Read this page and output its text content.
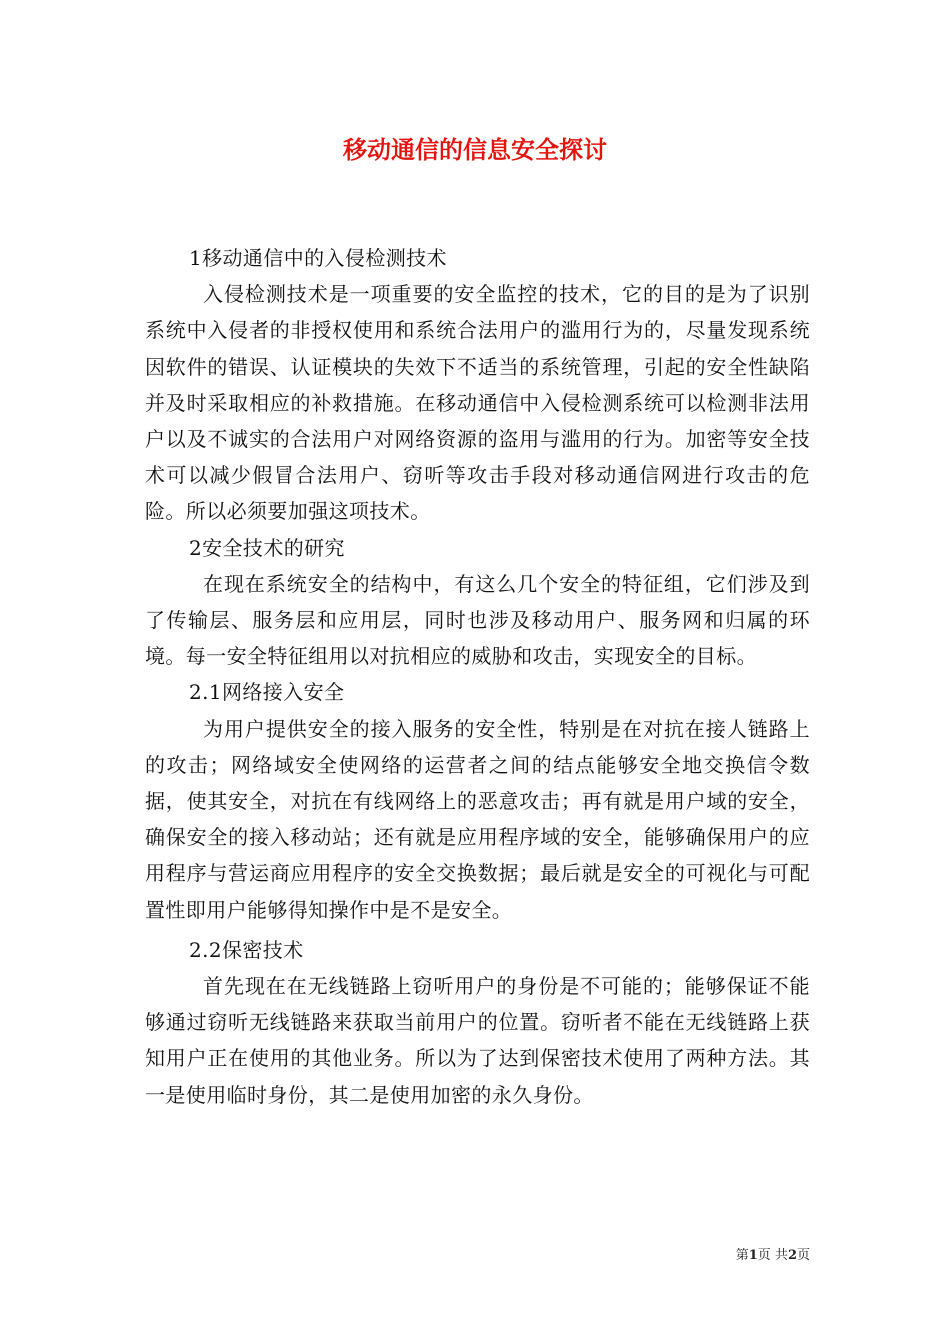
移动通信的信息安全探讨

1移动通信中的入侵检测技术

入侵检测技术是一项重要的安全监控的技术，它的目的是为了识别系统中入侵者的非授权使用和系统合法用户的滥用行为的，尽量发现系统因软件的错误、认证模块的失效下不适当的系统管理，引起的安全性缺陷并及时采取相应的补救措施。在移动通信中入侵检测系统可以检测非法用户以及不诚实的合法用户对网络资源的盗用与滥用的行为。加密等安全技术可以减少假冒合法用户、窃听等攻击手段对移动通信网进行攻击的危险。所以必须要加强这项技术。

2安全技术的研究

在现在系统安全的结构中，有这么几个安全的特征组，它们涉及到了传输层、服务层和应用层，同时也涉及移动用户、服务网和归属的环境。每一安全特征组用以对抗相应的威胁和攻击，实现安全的目标。

2.1网络接入安全

为用户提供安全的接入服务的安全性，特别是在对抗在接人链路上的攻击；网络域安全使网络的运营者之间的结点能够安全地交换信令数据，使其安全，对抗在有线网络上的恶意攻击；再有就是用户域的安全，确保安全的接入移动站；还有就是应用程序域的安全，能够确保用户的应用程序与营运商应用程序的安全交换数据；最后就是安全的可视化与可配置性即用户能够得知操作中是不是安全。

2.2保密技术

首先现在在无线链路上窃听用户的身份是不可能的；能够保证不能够通过窃听无线链路来获取当前用户的位置。窃听者不能在无线链路上获知用户正在使用的其他业务。所以为了达到保密技术使用了两种方法。其一是使用临时身份，其二是使用加密的永久身份。

第1页 共2页
